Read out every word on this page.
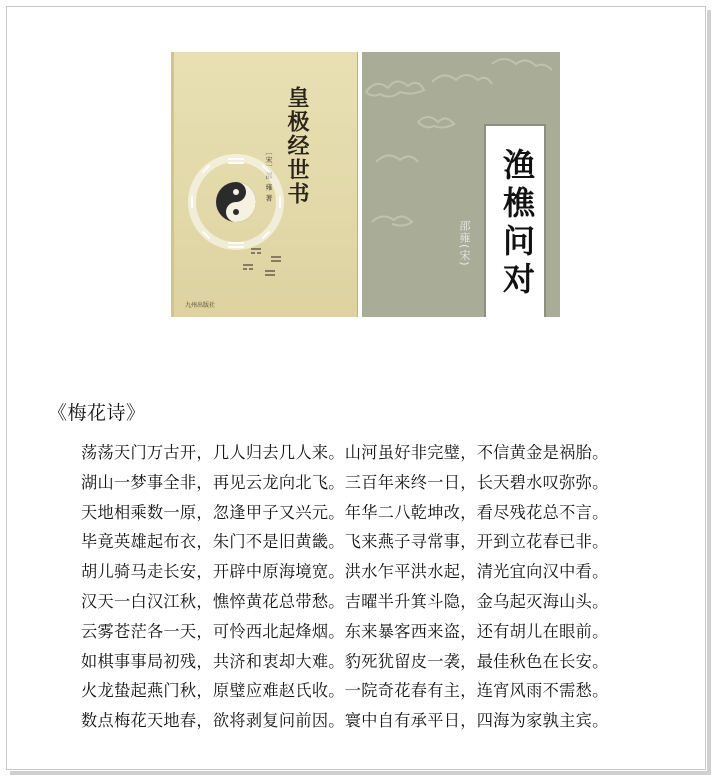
皇极经世书
〔宋〕邵 雍 著
九州出版社
渔樵问对
邵雍(宋)
《梅花诗》
荡荡天门万古开，几人归去几人来。山河虽好非完璧，不信黄金是祸胎。
湖山一梦事全非，再见云龙向北飞。三百年来终一日，长天碧水叹弥弥。
天地相乘数一原，忽逢甲子又兴元。年华二八乾坤改，看尽残花总不言。
毕竟英雄起布衣，朱门不是旧黄畿。飞来燕子寻常事，开到立花春已非。
胡儿骑马走长安，开辟中原海境宽。洪水乍平洪水起，清光宜向汉中看。
汉天一白汉江秋，憔悴黄花总带愁。吉曜半升箕斗隐，金乌起灭海山头。
云雾苍茫各一天，可怜西北起烽烟。东来暴客西来盗，还有胡儿在眼前。
如棋事事局初残，共济和衷却大难。豹死犹留皮一袭，最佳秋色在长安。
火龙蛰起燕门秋，原璧应难赵氏收。一院奇花春有主，连宵风雨不需愁。
数点梅花天地春，欲将剥复问前因。寰中自有承平日，四海为家孰主宾。
